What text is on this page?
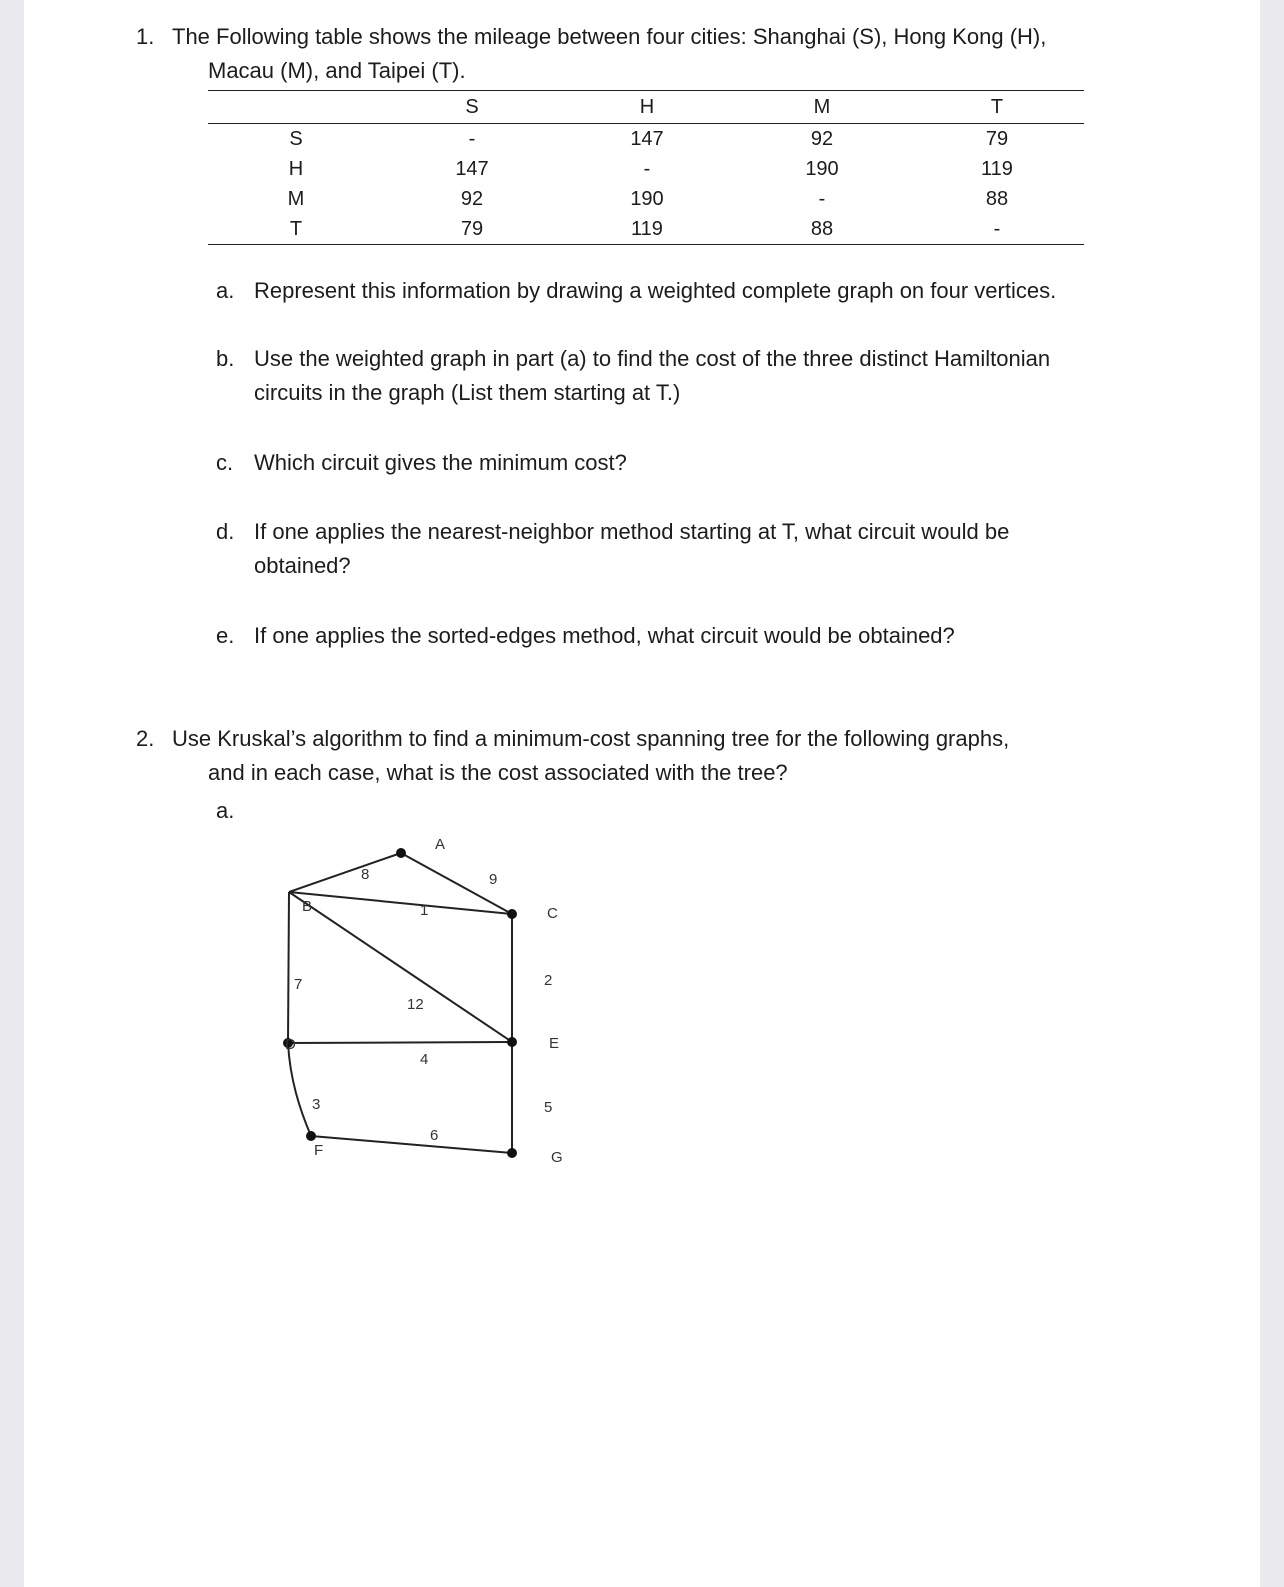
1. The Following table shows the mileage between four cities: Shanghai (S), Hong Kong (H),
Macau (M), and Taipei (T).
	S	H	M	T
S	-	147	92	79
H	147	-	190	119
M	92	190	-	88
T	79	119	88	-
a. Represent this information by drawing a weighted complete graph on four vertices.
b. Use the weighted graph in part (a) to find the cost of the three distinct Hamiltonian
circuits in the graph (List them starting at T.)
c. Which circuit gives the minimum cost?
d. If one applies the nearest-neighbor method starting at T, what circuit would be
obtained?
e. If one applies the sorted-edges method, what circuit would be obtained?
2. Use Kruskal’s algorithm to find a minimum-cost spanning tree for the following graphs,
and in each case, what is the cost associated with the tree?
a.
A
B	C
D	E
F	G
8	9
1
7
12
2
4
3	5
6
